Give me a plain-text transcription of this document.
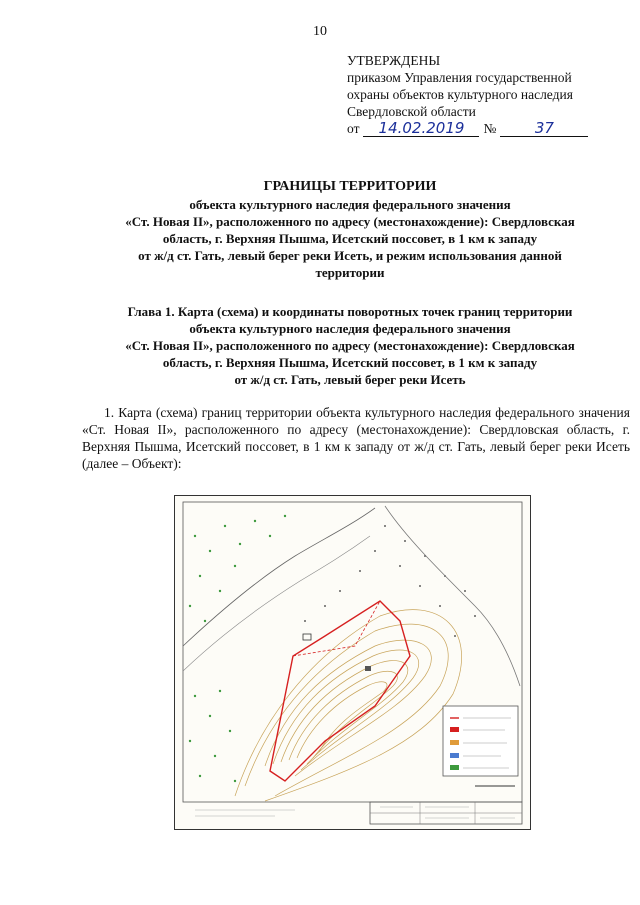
10
УТВЕРЖДЕНЫ
приказом Управления государственной
охраны объектов культурного наследия
Свердловской области
от	14.02.2019	№	37
ГРАНИЦЫ ТЕРРИТОРИИ
объекта культурного наследия федерального значения
«Ст. Новая II», расположенного по адресу (местонахождение): Свердловская
область, г. Верхняя Пышма, Исетский поссовет, в 1 км к западу
от ж/д ст. Гать, левый берег реки Исеть, и режим использования данной
территории
Глава 1. Карта (схема) и координаты поворотных точек границ территории
объекта культурного наследия федерального значения
«Ст. Новая II», расположенного по адресу (местонахождение): Свердловская
область, г. Верхняя Пышма, Исетский поссовет, в 1 км к западу
от ж/д ст. Гать, левый берег реки Исеть
1. Карта (схема) границ территории объекта культурного наследия федерального значения «Ст. Новая II», расположенного по адресу (местонахождение): Свердловская область, г. Верхняя Пышма, Исетский поссовет, в 1 км к западу от ж/д ст. Гать, левый берег реки Исеть (далее – Объект):
